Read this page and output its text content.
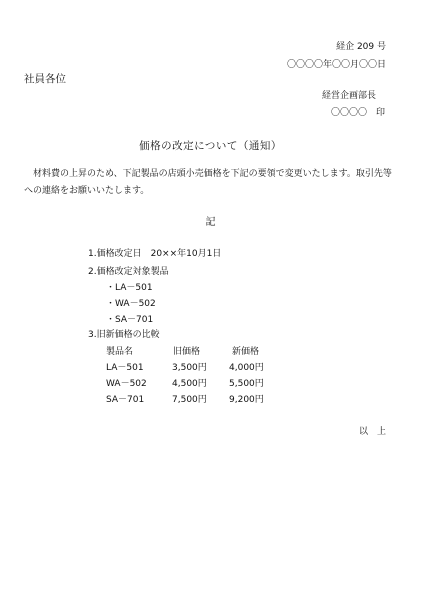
経企 209 号
〇〇〇〇年〇〇月〇〇日
社員各位
経営企画部長
〇〇〇〇　印
価格の改定について（通知）
材料費の上昇のため、下記製品の店頭小売価格を下記の要領で変更いたします。取引先等への連絡をお願いいたします。
記
1.価格改定日　20××年10月1日
2.価格改定対象製品
・LA－501
・WA－502
・SA－701
3.旧新価格の比較
製品名	旧価格	新価格
LA－501	3,500円 4,000円
WA－502	4,500円 5,500円
SA－701	7,500円 9,200円
以　上
